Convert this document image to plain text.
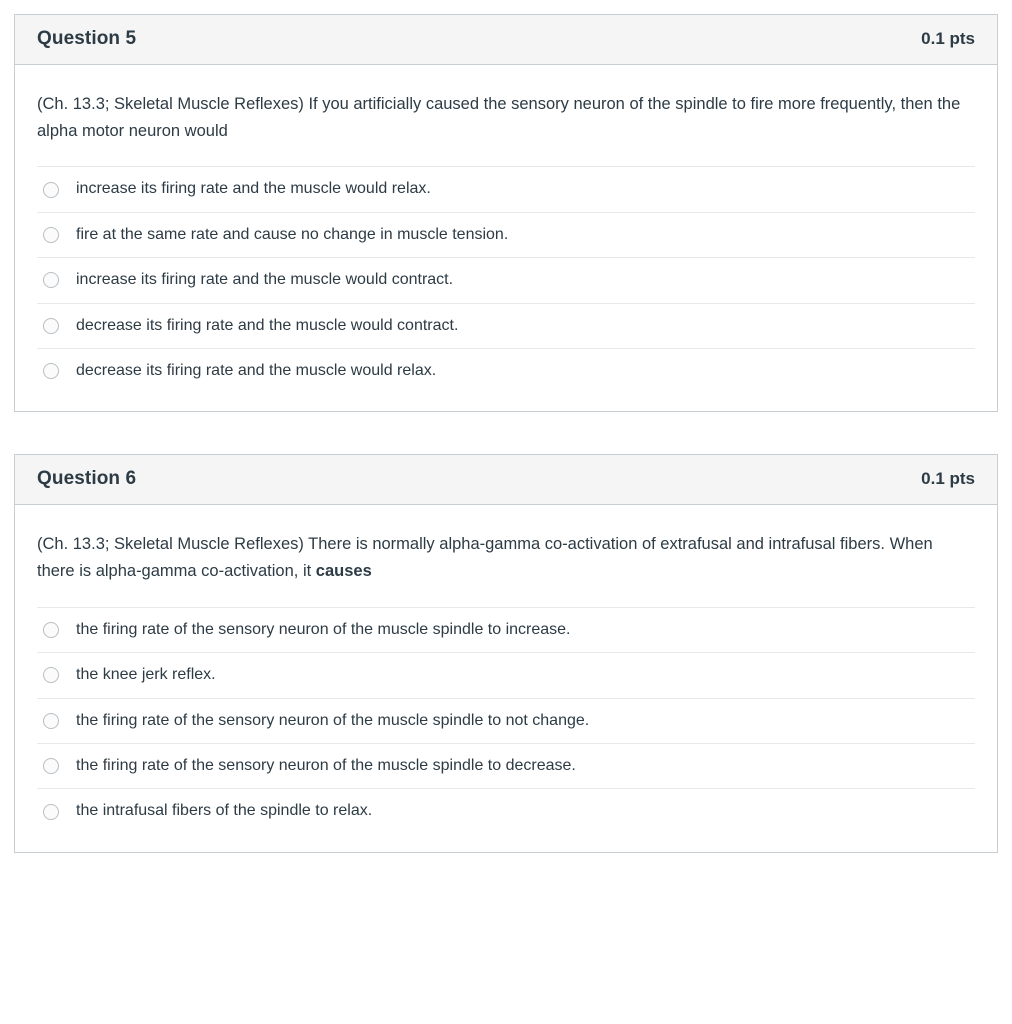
Question 5	0.1 pts

(Ch. 13.3; Skeletal Muscle Reflexes) If you artificially caused the sensory neuron of the spindle to fire more frequently, then the alpha motor neuron would

increase its firing rate and the muscle would relax.
fire at the same rate and cause no change in muscle tension.
increase its firing rate and the muscle would contract.
decrease its firing rate and the muscle would contract.
decrease its firing rate and the muscle would relax.
Question 6	0.1 pts

(Ch. 13.3; Skeletal Muscle Reflexes) There is normally alpha-gamma co-activation of extrafusal and intrafusal fibers. When there is alpha-gamma co-activation, it causes

the firing rate of the sensory neuron of the muscle spindle to increase.
the knee jerk reflex.
the firing rate of the sensory neuron of the muscle spindle to not change.
the firing rate of the sensory neuron of the muscle spindle to decrease.
the intrafusal fibers of the spindle to relax.
